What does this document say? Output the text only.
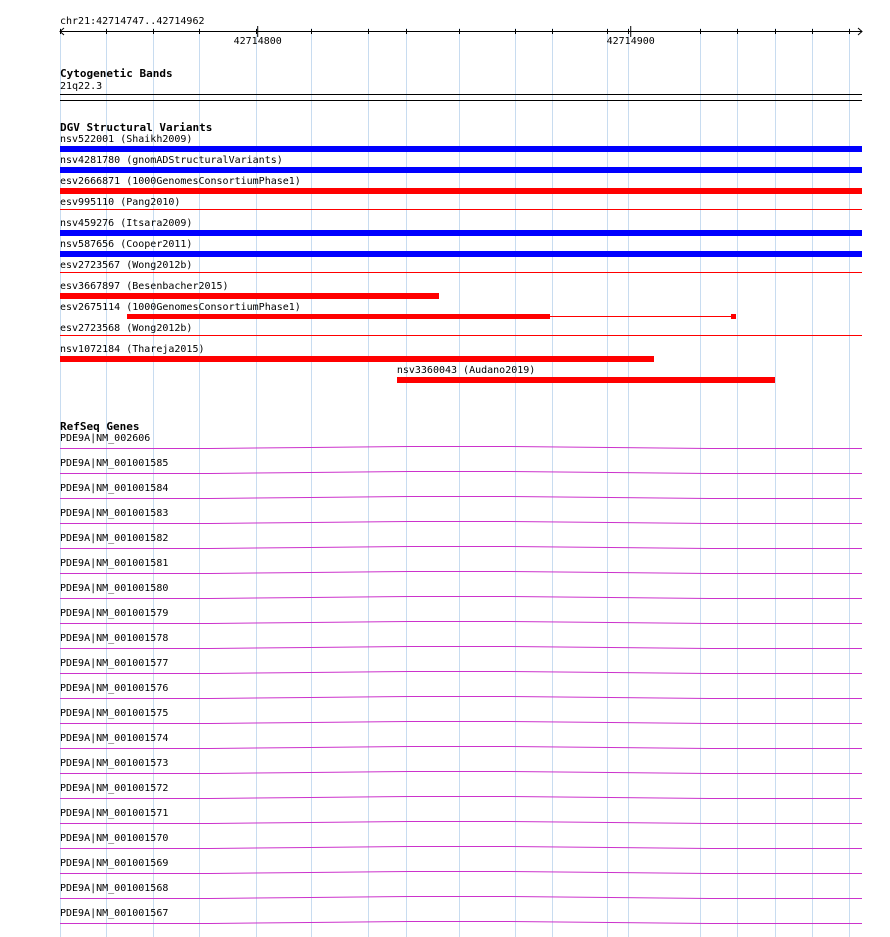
chr21:42714747..42714962
42714800	42714900
Cytogenetic Bands
21q22.3
DGV Structural Variants
nsv522001 (Shaikh2009)
nsv4281780 (gnomADStructuralVariants)
esv2666871 (1000GenomesConsortiumPhase1)
esv995110 (Pang2010)
nsv459276 (Itsara2009)
nsv587656 (Cooper2011)
esv2723567 (Wong2012b)
esv3667897 (Besenbacher2015)
esv2675114 (1000GenomesConsortiumPhase1)
esv2723568 (Wong2012b)
nsv1072184 (Thareja2015)
nsv3360043 (Audano2019)
RefSeq Genes
PDE9A|NM_002606
PDE9A|NM_001001585
PDE9A|NM_001001584
PDE9A|NM_001001583
PDE9A|NM_001001582
PDE9A|NM_001001581
PDE9A|NM_001001580
PDE9A|NM_001001579
PDE9A|NM_001001578
PDE9A|NM_001001577
PDE9A|NM_001001576
PDE9A|NM_001001575
PDE9A|NM_001001574
PDE9A|NM_001001573
PDE9A|NM_001001572
PDE9A|NM_001001571
PDE9A|NM_001001570
PDE9A|NM_001001569
PDE9A|NM_001001568
PDE9A|NM_001001567
